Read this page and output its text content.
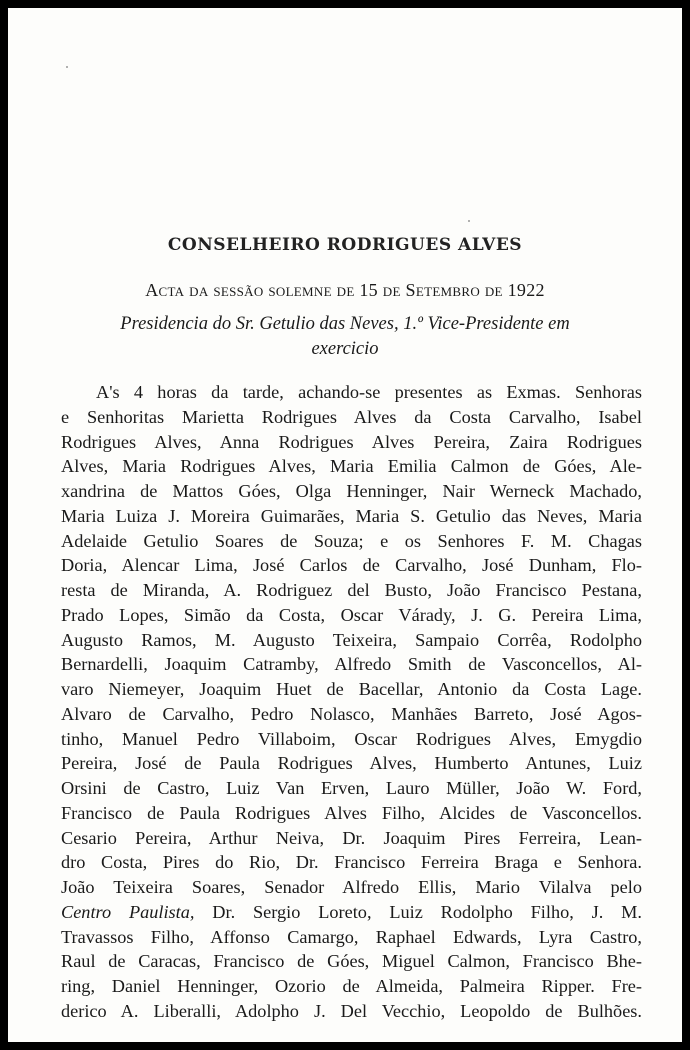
CONSELHEIRO RODRIGUES ALVES
Acta da sessão solemne de 15 de Setembro de 1922
Presidencia do Sr. Getulio das Neves, 1.º Vice-Presidente em
exercicio
A's 4 horas da tarde, achando-se presentes as Exmas. Senhoras
e Senhoritas Marietta Rodrigues Alves da Costa Carvalho, Isabel
Rodrigues Alves, Anna Rodrigues Alves Pereira, Zaira Rodrigues
Alves, Maria Rodrigues Alves, Maria Emilia Calmon de Góes, Ale-
xandrina de Mattos Góes, Olga Henninger, Nair Werneck Machado,
Maria Luiza J. Moreira Guimarães, Maria S. Getulio das Neves, Maria
Adelaide Getulio Soares de Souza; e os Senhores F. M. Chagas
Doria, Alencar Lima, José Carlos de Carvalho, José Dunham, Flo-
resta de Miranda, A. Rodriguez del Busto, João Francisco Pestana,
Prado Lopes, Simão da Costa, Oscar Várady, J. G. Pereira Lima,
Augusto Ramos, M. Augusto Teixeira, Sampaio Corrêa, Rodolpho
Bernardelli, Joaquim Catramby, Alfredo Smith de Vasconcellos, Al-
varo Niemeyer, Joaquim Huet de Bacellar, Antonio da Costa Lage.
Alvaro de Carvalho, Pedro Nolasco, Manhães Barreto, José Agos-
tinho, Manuel Pedro Villaboim, Oscar Rodrigues Alves, Emygdio
Pereira, José de Paula Rodrigues Alves, Humberto Antunes, Luiz
Orsini de Castro, Luiz Van Erven, Lauro Müller, João W. Ford,
Francisco de Paula Rodrigues Alves Filho, Alcides de Vasconcellos.
Cesario Pereira, Arthur Neiva, Dr. Joaquim Pires Ferreira, Lean-
dro Costa, Pires do Rio, Dr. Francisco Ferreira Braga e Senhora.
João Teixeira Soares, Senador Alfredo Ellis, Mario Vilalva pelo
Centro Paulista, Dr. Sergio Loreto, Luiz Rodolpho Filho, J. M.
Travassos Filho, Affonso Camargo, Raphael Edwards, Lyra Castro,
Raul de Caracas, Francisco de Góes, Miguel Calmon, Francisco Bhe-
ring, Daniel Henninger, Ozorio de Almeida, Palmeira Ripper. Fre-
derico A. Liberalli, Adolpho J. Del Vecchio, Leopoldo de Bulhões.
